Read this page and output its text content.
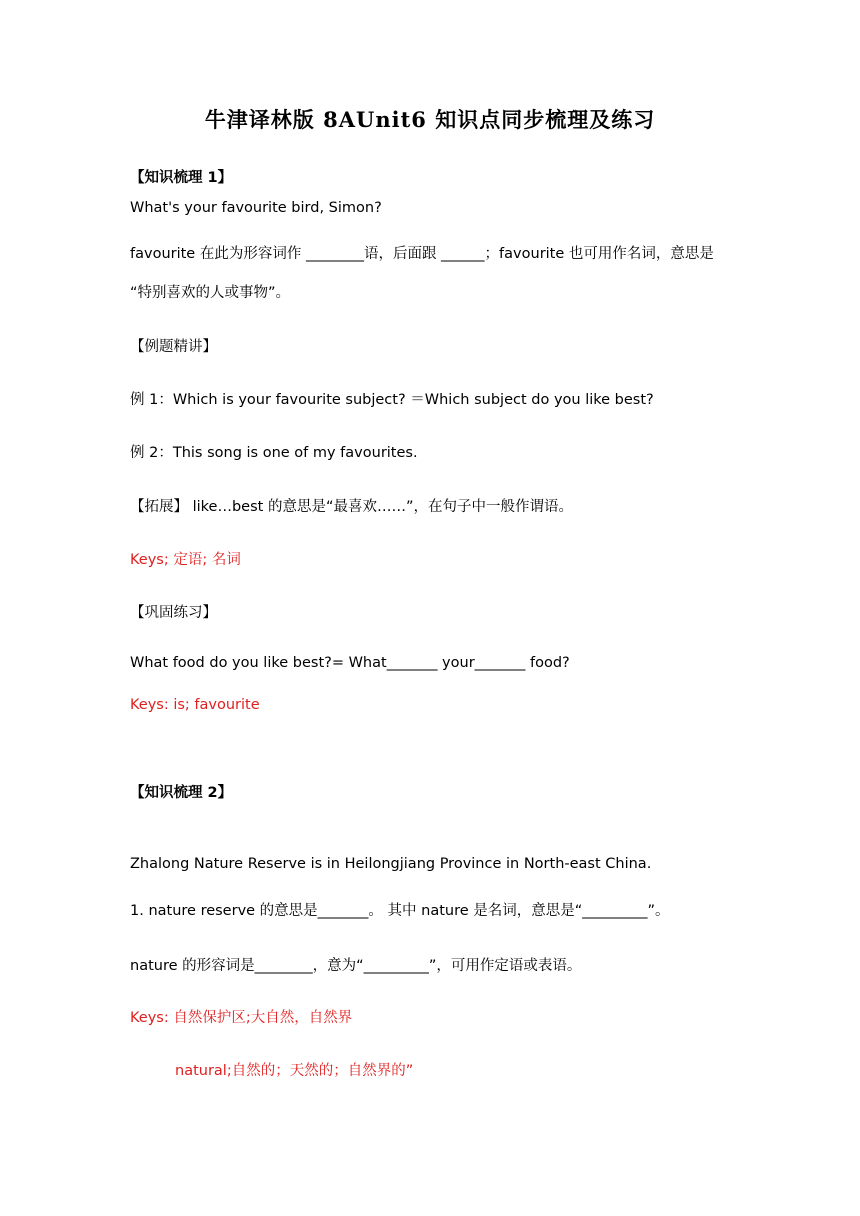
牛津译林版 8AUnit6 知识点同步梳理及练习
【知识梳理 1】
What's your favourite bird, Simon?
favourite 在此为形容词作 ________语，后面跟 ______；favourite 也可用作名词，意思是
“特别喜欢的人或事物”。
【例题精讲】
例 1：Which is your favourite subject? ＝Which subject do you like best?
例 2：This song is one of my favourites.
【拓展】 like…best 的意思是“最喜欢……”，在句子中一般作谓语。
Keys; 定语; 名词
【巩固练习】
What food do you like best?= What_______ your_______ food?
Keys: is; favourite
【知识梳理 2】
Zhalong Nature Reserve is in Heilongjiang Province in North-east China.
1. nature reserve 的意思是_______。 其中 nature 是名词，意思是“_________”。
nature 的形容词是________，意为“_________”，可用作定语或表语。
Keys: 自然保护区;大自然，自然界
natural;自然的；天然的；自然界的”
